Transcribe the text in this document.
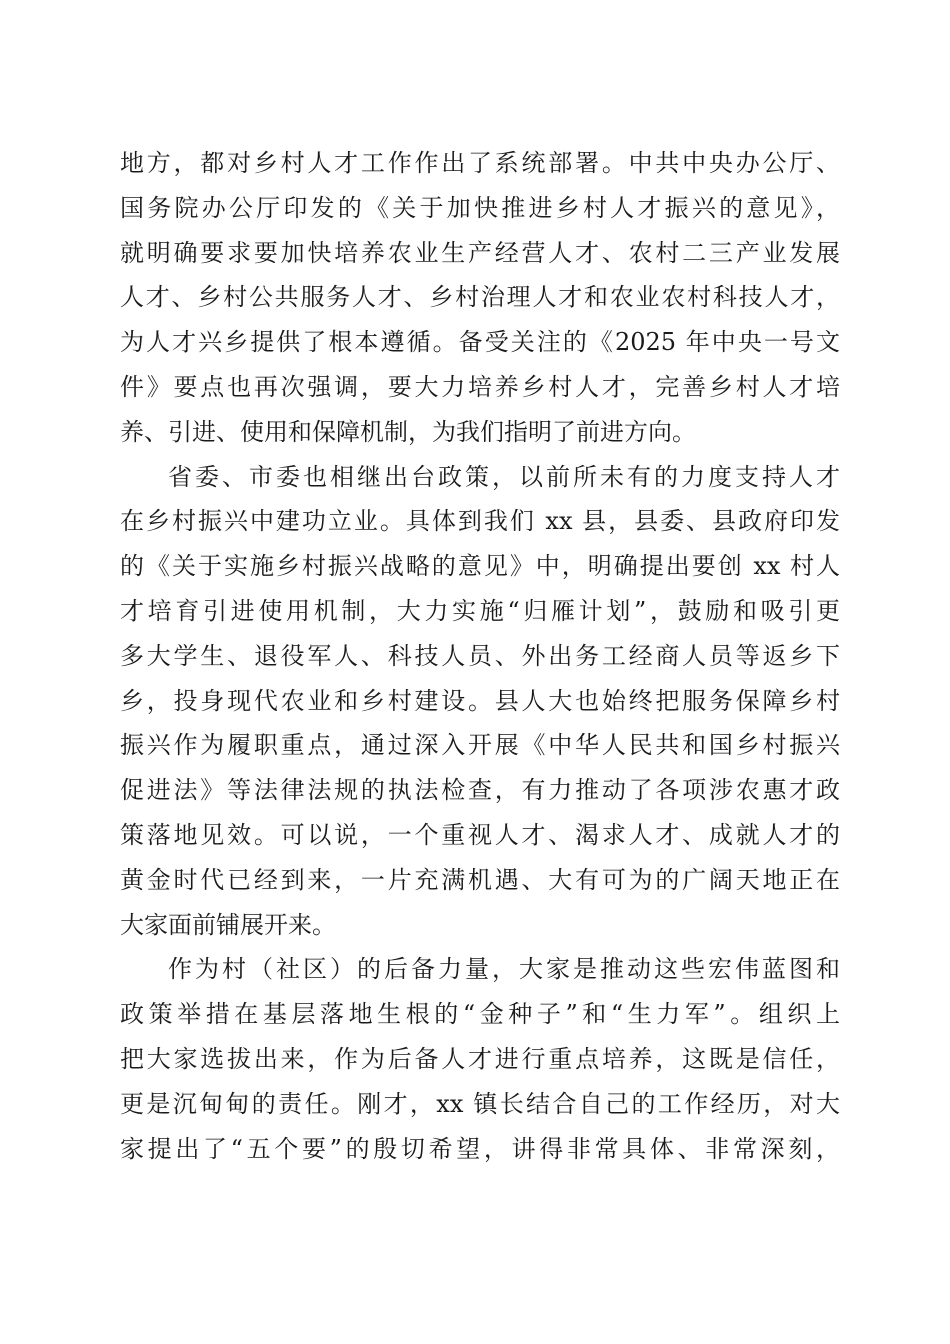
地方，都对乡村人才工作作出了系统部署。中共中央办公厅、
国务院办公厅印发的《关于加快推进乡村人才振兴的意见》，
就明确要求要加快培养农业生产经营人才、农村二三产业发展
人才、乡村公共服务人才、乡村治理人才和农业农村科技人才，
为人才兴乡提供了根本遵循。备受关注的《2025 年中央一号文
件》要点也再次强调，要大力培养乡村人才，完善乡村人才培
养、引进、使用和保障机制，为我们指明了前进方向。
省委、市委也相继出台政策，以前所未有的力度支持人才
在乡村振兴中建功立业。具体到我们 xx 县，县委、县政府印发
的《关于实施乡村振兴战略的意见》中，明确提出要创 xx 村人
才培育引进使用机制，大力实施“归雁计划”，鼓励和吸引更
多大学生、退役军人、科技人员、外出务工经商人员等返乡下
乡，投身现代农业和乡村建设。县人大也始终把服务保障乡村
振兴作为履职重点，通过深入开展《中华人民共和国乡村振兴
促进法》等法律法规的执法检查，有力推动了各项涉农惠才政
策落地见效。可以说，一个重视人才、渴求人才、成就人才的
黄金时代已经到来，一片充满机遇、大有可为的广阔天地正在
大家面前铺展开来。
作为村（社区）的后备力量，大家是推动这些宏伟蓝图和
政策举措在基层落地生根的“金种子”和“生力军”。组织上
把大家选拔出来，作为后备人才进行重点培养，这既是信任，
更是沉甸甸的责任。刚才，xx 镇长结合自己的工作经历，对大
家提出了“五个要”的殷切希望，讲得非常具体、非常深刻，
